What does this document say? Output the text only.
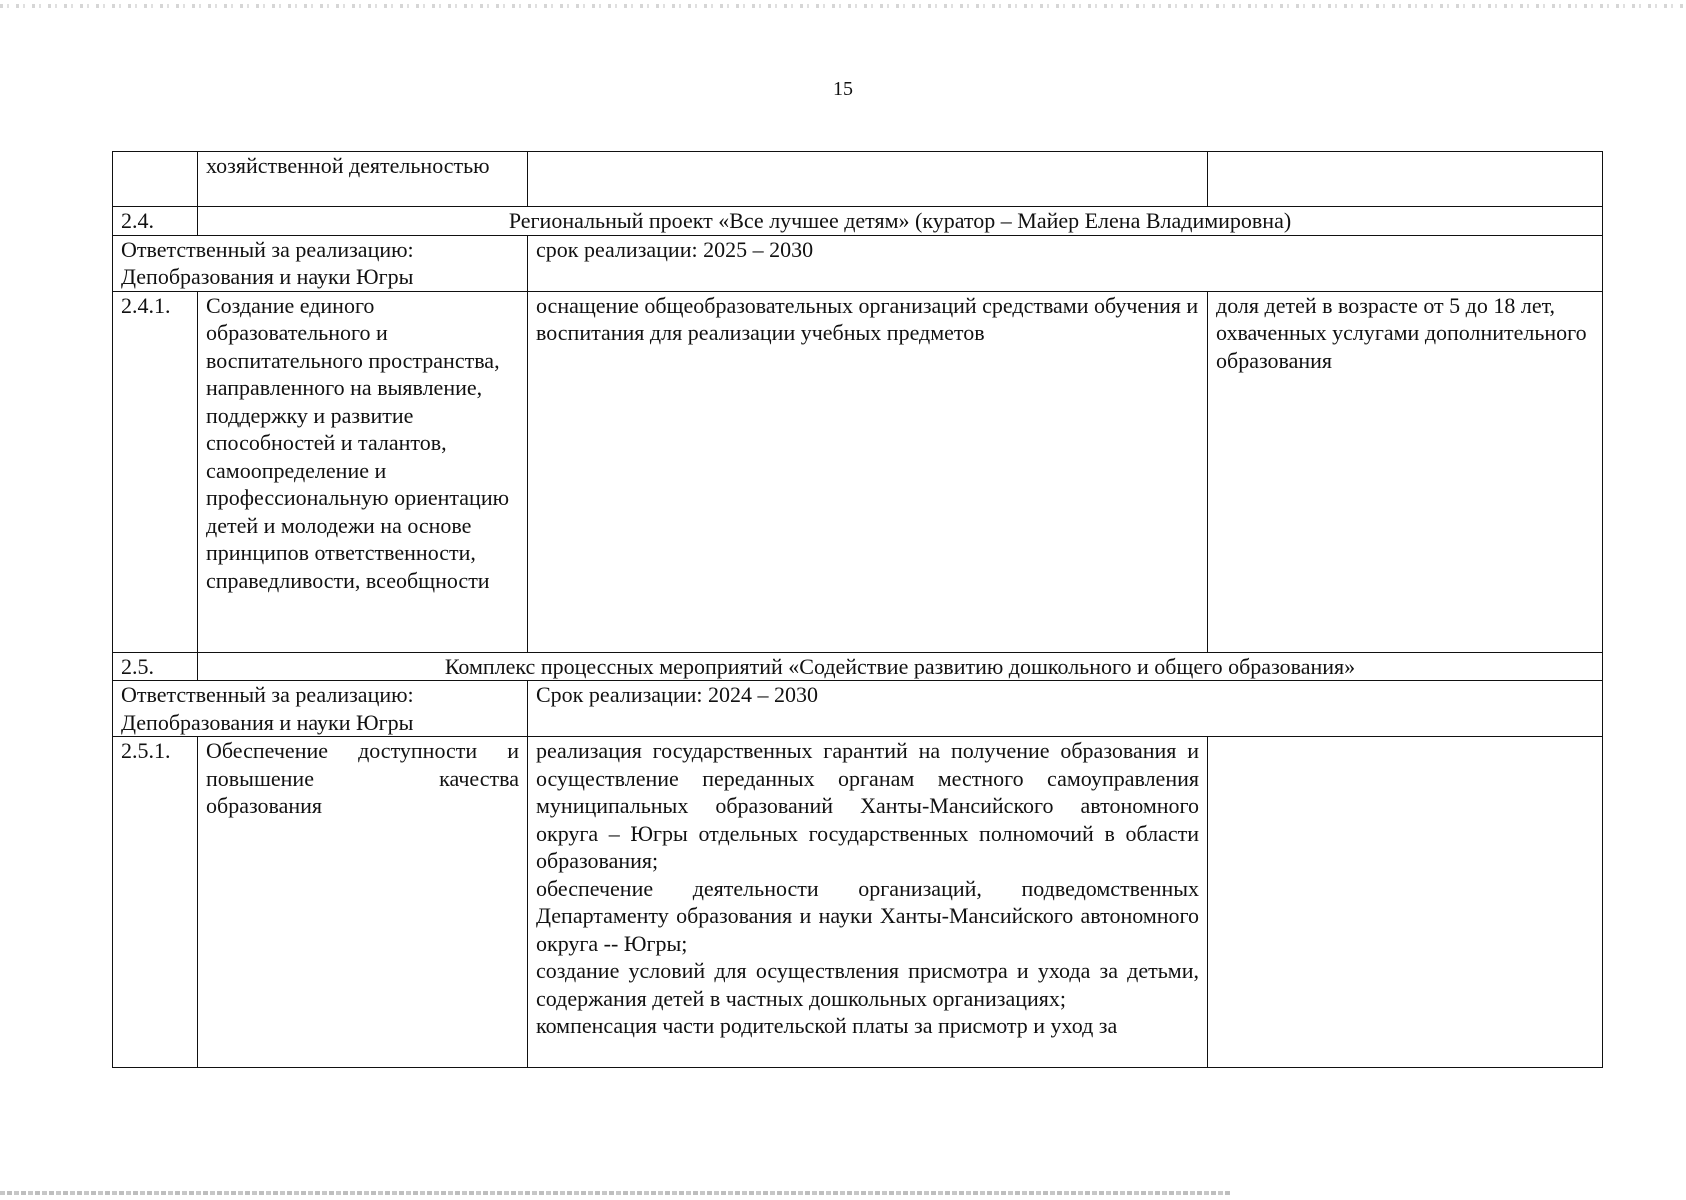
15
	хозяйственной деятельностью		
2.4.	Региональный проект «Все лучшее детям» (куратор – Майер Елена Владимировна)		
Ответственный за реализацию: Депобразования и науки Югры		срок реализации: 2025 – 2030	
2.4.1.	Создание единого образовательного и воспитательного пространства, направленного на выявление, поддержку и развитие способностей и талантов, самоопределение и профессиональную ориентацию детей и молодежи на основе принципов ответственности, справедливости, всеобщности	оснащение общеобразовательных организаций средствами обучения и воспитания для реализации учебных предметов	доля детей в возрасте от 5 до 18 лет, охваченных услугами дополнительного образования
2.5.	Комплекс процессных мероприятий «Содействие развитию дошкольного и общего образования»		
Ответственный за реализацию: Депобразования и науки Югры		Срок реализации: 2024 – 2030	
2.5.1.	Обеспечение доступности и повышение качества образования	реализация государственных гарантий на получение образования и осуществление переданных органам местного самоуправления муниципальных образований Ханты-Мансийского автономного округа – Югры отдельных государственных полномочий в области образования;
обеспечение деятельности организаций, подведомственных Департаменту образования и науки Ханты-Мансийского автономного округа -- Югры;
создание условий для осуществления присмотра и ухода за детьми, содержания детей в частных дошкольных организациях;
компенсация части родительской платы за присмотр и уход за	
